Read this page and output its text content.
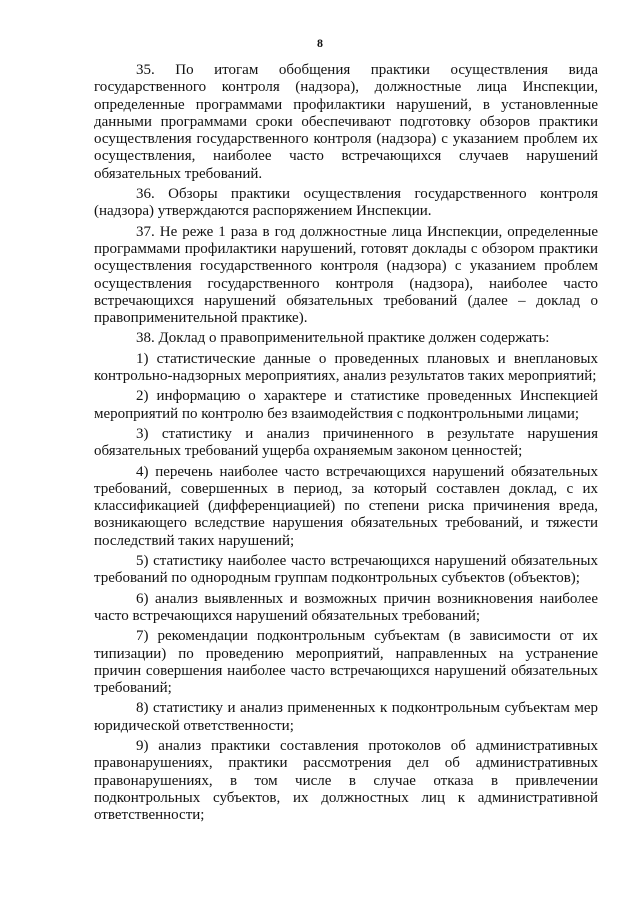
8

35. По итогам обобщения практики осуществления вида государственного контроля (надзора), должностные лица Инспекции, определенные программами профилактики нарушений, в установленные данными программами сроки обеспечивают подготовку обзоров практики осуществления государственного контроля (надзора) с указанием проблем их осуществления, наиболее часто встречающихся случаев нарушений обязательных требований.

36. Обзоры практики осуществления государственного контроля (надзора) утверждаются распоряжением Инспекции.

37. Не реже 1 раза в год должностные лица Инспекции, определенные программами профилактики нарушений, готовят доклады с обзором практики осуществления государственного контроля (надзора) с указанием проблем осуществления государственного контроля (надзора), наиболее часто встречающихся нарушений обязательных требований (далее – доклад о правоприменительной практике).

38. Доклад о правоприменительной практике должен содержать:

1) статистические данные о проведенных плановых и внеплановых контрольно-надзорных мероприятиях, анализ результатов таких мероприятий;

2) информацию о характере и статистике проведенных Инспекцией мероприятий по контролю без взаимодействия с подконтрольными лицами;

3) статистику и анализ причиненного в результате нарушения обязательных требований ущерба охраняемым законом ценностей;

4) перечень наиболее часто встречающихся нарушений обязательных требований, совершенных в период, за который составлен доклад, с их классификацией (дифференциацией) по степени риска причинения вреда, возникающего вследствие нарушения обязательных требований, и тяжести последствий таких нарушений;

5) статистику наиболее часто встречающихся нарушений обязательных требований по однородным группам подконтрольных субъектов (объектов);

6) анализ выявленных и возможных причин возникновения наиболее часто встречающихся нарушений обязательных требований;

7) рекомендации подконтрольным субъектам (в зависимости от их типизации) по проведению мероприятий, направленных на устранение причин совершения наиболее часто встречающихся нарушений обязательных требований;

8) статистику и анализ примененных к подконтрольным субъектам мер юридической ответственности;

9) анализ практики составления протоколов об административных правонарушениях, практики рассмотрения дел об административных правонарушениях, в том числе в случае отказа в привлечении подконтрольных субъектов, их должностных лиц к административной ответственности;
